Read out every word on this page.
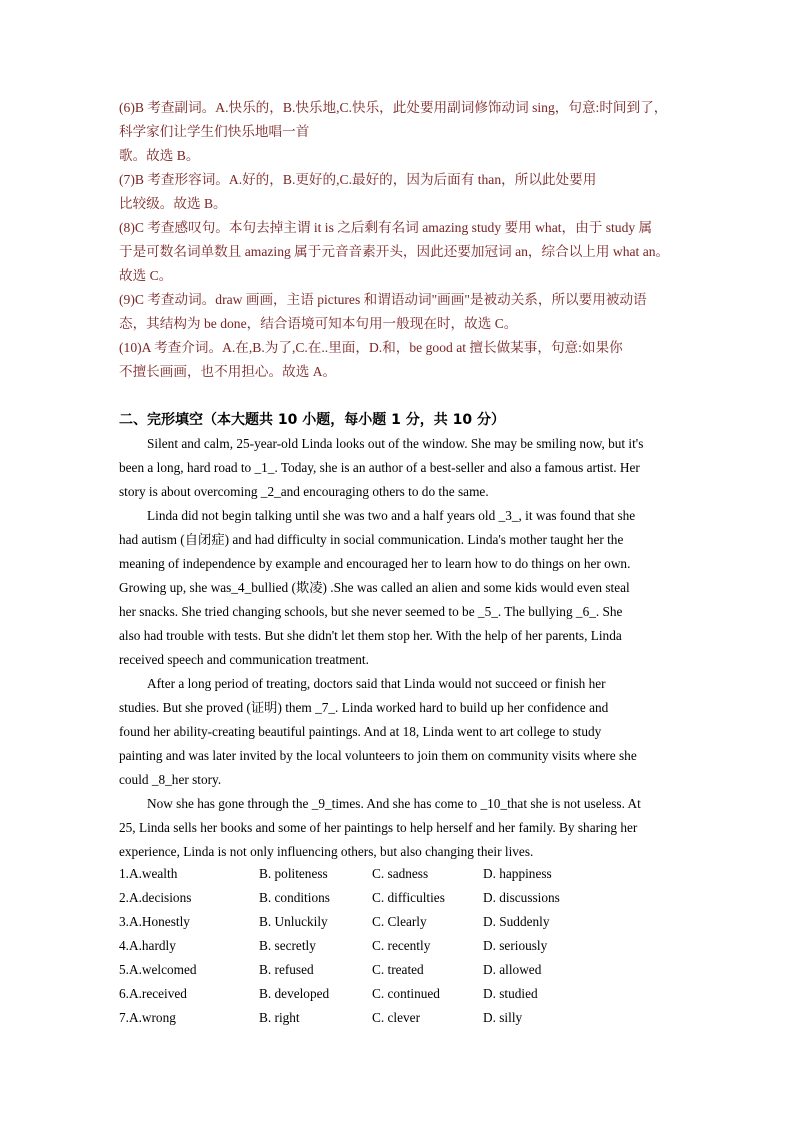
(6)B 考查副词。A.快乐的，B.快乐地,C.快乐，此处要用副词修饰动词 sing，句意:时间到了，
科学家们让学生们快乐地唱一首
歌。故选 B。
(7)B 考查形容词。A.好的，B.更好的,C.最好的，因为后面有 than，所以此处要用
比较级。故选 B。
(8)C 考查感叹句。本句去掉主谓 it is 之后剩有名词 amazing study 要用 what，由于 study 属
于是可数名词单数且 amazing 属于元音音素开头，因此还要加冠词 an，综合以上用 what an。
故选 C。
(9)C 考查动词。draw 画画，主语 pictures 和谓语动词"画画"是被动关系，所以要用被动语
态，其结构为 be done，结合语境可知本句用一般现在时，故选 C。
(10)A 考查介词。A.在,B.为了,C.在..里面，D.和，be good at 擅长做某事，句意:如果你
不擅长画画，也不用担心。故选 A。
二、完形填空（本大题共 10 小题，每小题 1 分，共 10 分）
Silent and calm, 25-year-old Linda looks out of the window. She may be smiling now, but it's
been a long, hard road to _1_. Today, she is an author of a best-seller and also a famous artist. Her
story is about overcoming _2_and encouraging others to do the same.
Linda did not begin talking until she was two and a half years old _3_, it was found that she
had autism (自闭症) and had difficulty in social communication. Linda's mother taught her the
meaning of independence by example and encouraged her to learn how to do things on her own.
Growing up, she was_4_bullied (欺凌) .She was called an alien and some kids would even steal
her snacks. She tried changing schools, but she never seemed to be _5_. The bullying _6_. She
also had trouble with tests. But she didn't let them stop her. With the help of her parents, Linda
received speech and communication treatment.
After a long period of treating, doctors said that Linda would not succeed or finish her
studies. But she proved (证明) them _7_. Linda worked hard to build up her confidence and
found her ability-creating beautiful paintings. And at 18, Linda went to art college to study
painting and was later invited by the local volunteers to join them on community visits where she
could _8_her story.
Now she has gone through the _9_times. And she has come to _10_that she is not useless. At
25, Linda sells her books and some of her paintings to help herself and her family. By sharing her
experience, Linda is not only influencing others, but also changing their lives.
1.A.wealth	B. politeness	C. sadness	D. happiness
2.A.decisions	B. conditions	C. difficulties	D. discussions
3.A.Honestly	B. Unluckily	C. Clearly	D. Suddenly
4.A.hardly	B. secretly	C. recently	D. seriously
5.A.welcomed	B. refused	C. treated	D. allowed
6.A.received	B. developed	C. continued	D. studied
7.A.wrong	B. right	C. clever	D. silly
